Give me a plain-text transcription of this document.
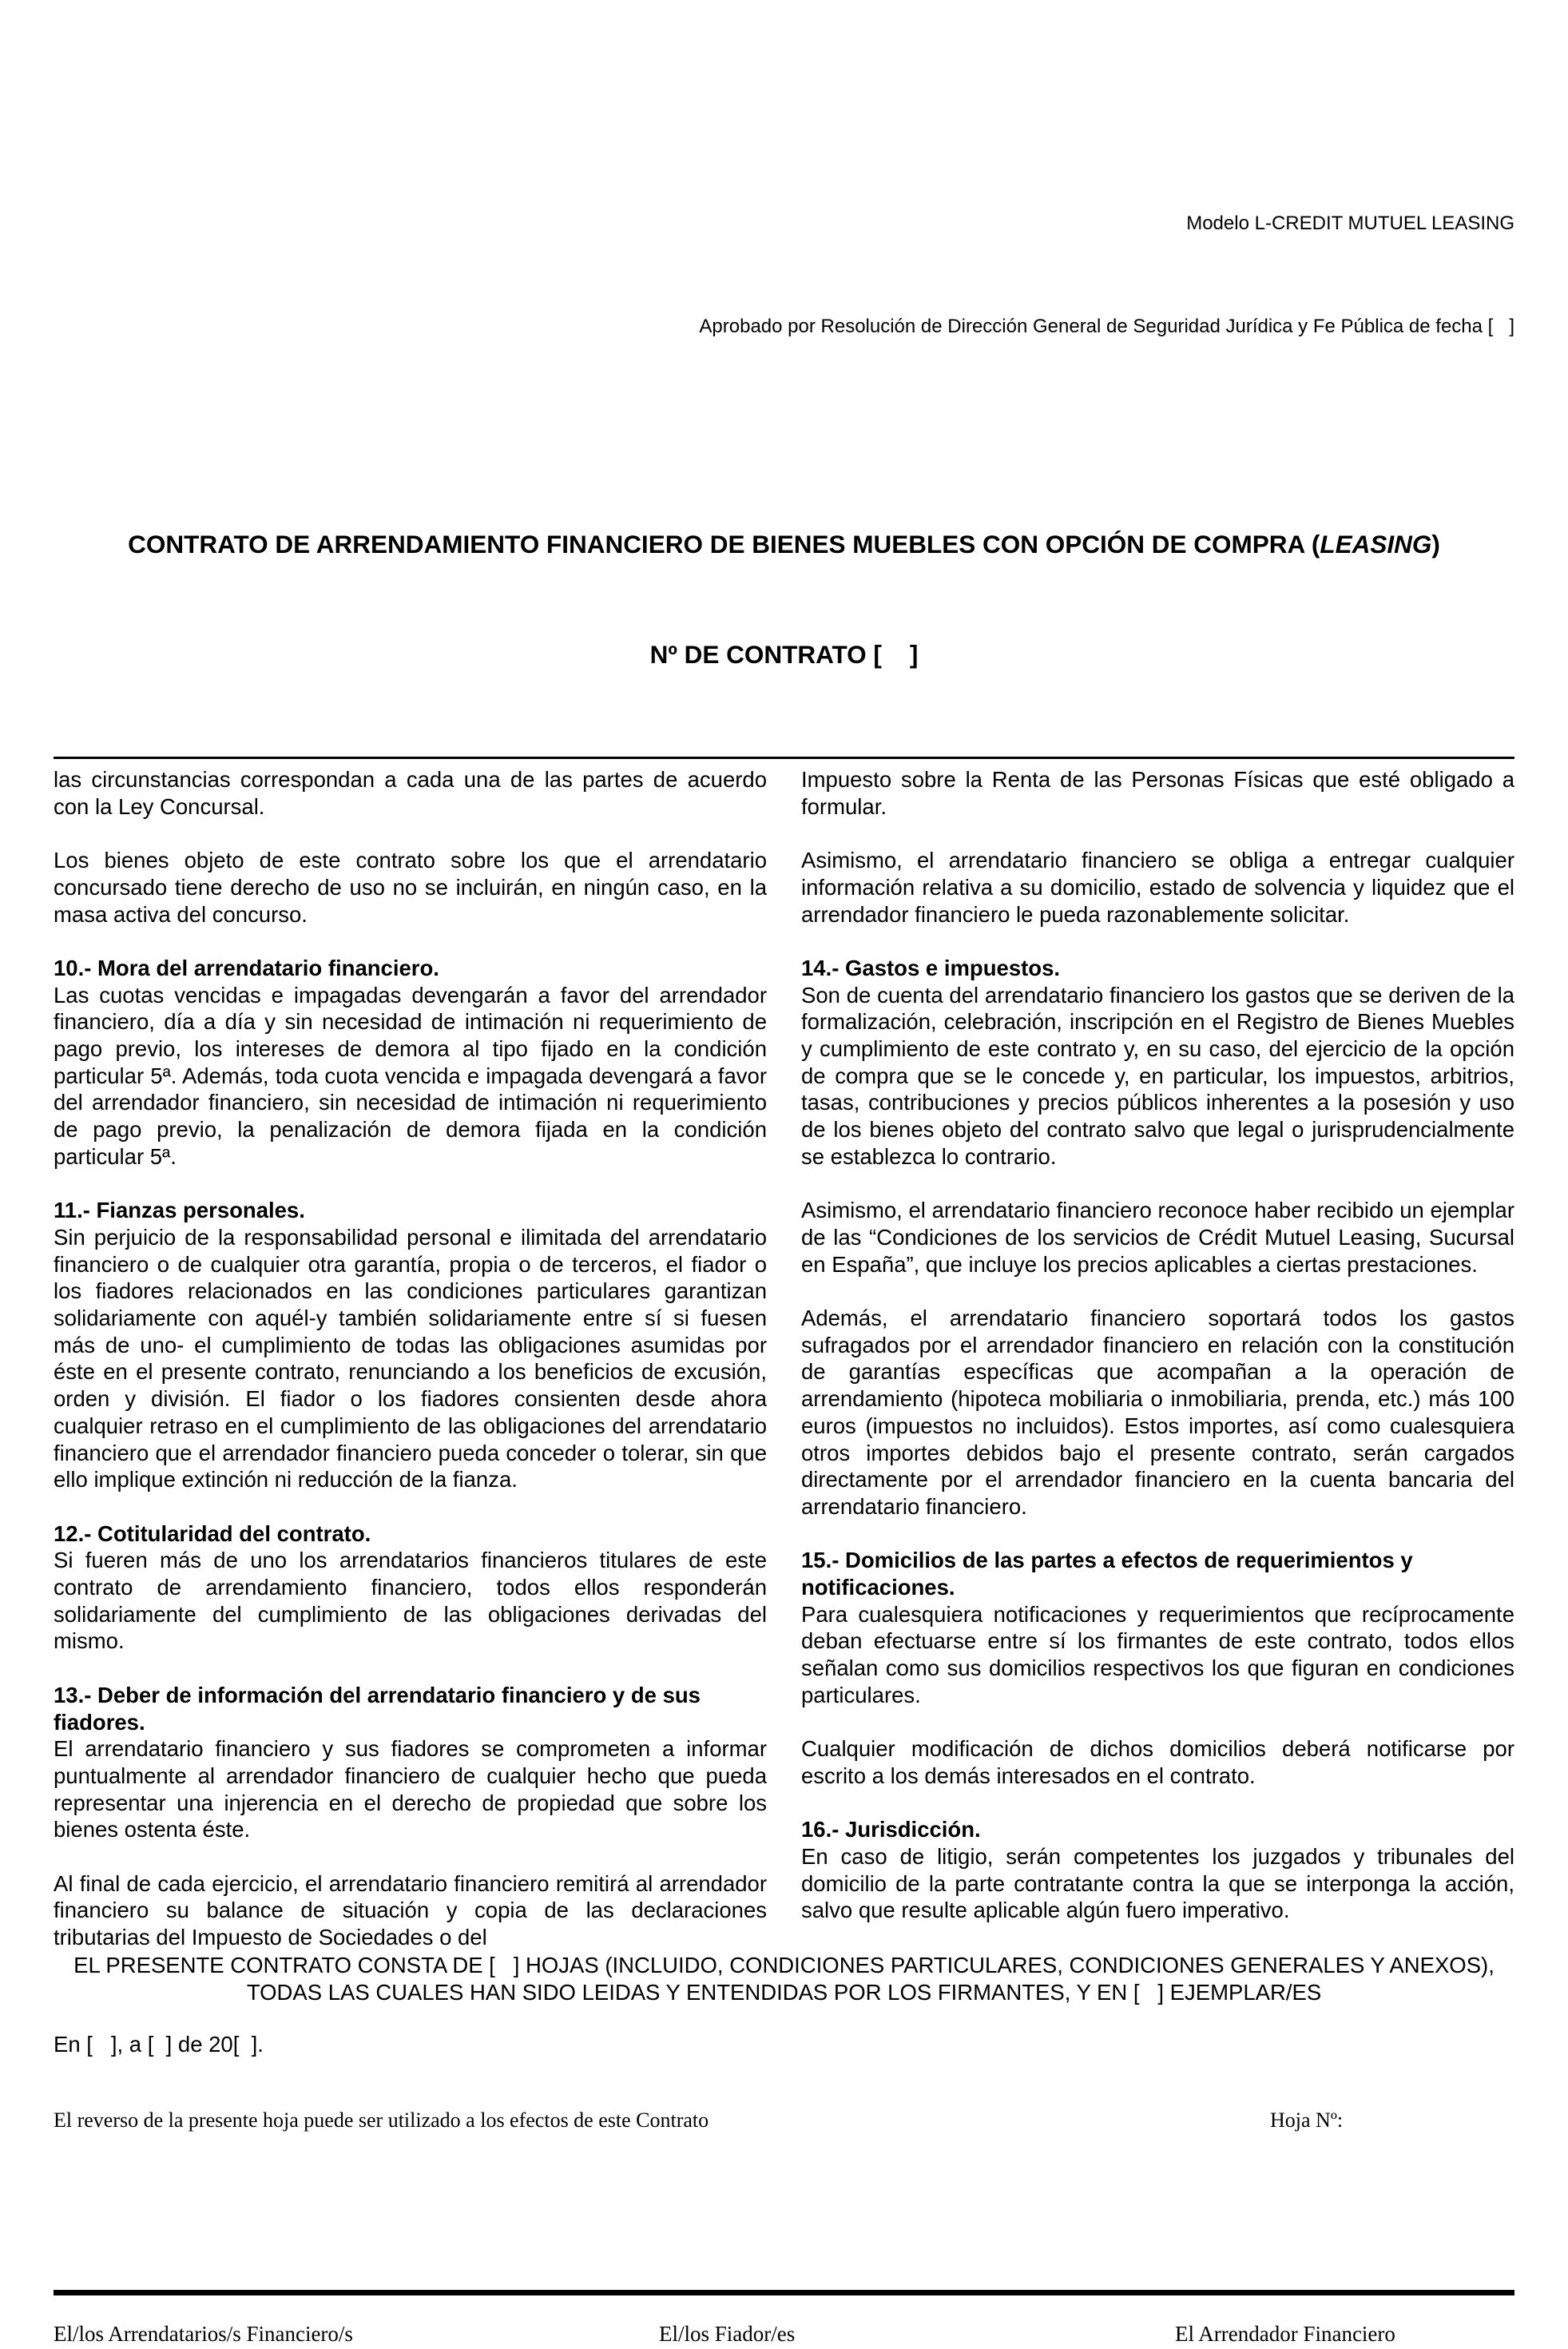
Modelo L-CREDIT MUTUEL LEASING

Aprobado por Resolución de Dirección General de Seguridad Jurídica y Fe Pública de fecha [   ]

CONTRATO DE ARRENDAMIENTO FINANCIERO DE BIENES MUEBLES CON OPCIÓN DE COMPRA (LEASING)

Nº DE CONTRATO [    ]

las circunstancias correspondan a cada una de las partes de acuerdo con la Ley Concursal.

Los bienes objeto de este contrato sobre los que el arrendatario concursado tiene derecho de uso no se incluirán, en ningún caso, en la masa activa del concurso.

10.- Mora del arrendatario financiero.

Las cuotas vencidas e impagadas devengarán a favor del arrendador financiero, día a día y sin necesidad de intimación ni requerimiento de pago previo, los intereses de demora al tipo fijado en la condición particular 5ª. Además, toda cuota vencida e impagada devengará a favor del arrendador financiero, sin necesidad de intimación ni requerimiento de pago previo, la penalización de demora fijada en la condición particular 5ª.

11.- Fianzas personales.

Sin perjuicio de la responsabilidad personal e ilimitada del arrendatario financiero o de cualquier otra garantía, propia o de terceros, el fiador o los fiadores relacionados en las condiciones particulares garantizan solidariamente con aquél-y también solidariamente entre sí si fuesen más de uno- el cumplimiento de todas las obligaciones asumidas por éste en el presente contrato, renunciando a los beneficios de excusión, orden y división. El fiador o los fiadores consienten desde ahora cualquier retraso en el cumplimiento de las obligaciones del arrendatario financiero que el arrendador financiero pueda conceder o tolerar, sin que ello implique extinción ni reducción de la fianza.

12.- Cotitularidad del contrato.

Si fueren más de uno los arrendatarios financieros titulares de este contrato de arrendamiento financiero, todos ellos responderán solidariamente del cumplimiento de las obligaciones derivadas del mismo.

13.- Deber de información del arrendatario financiero y de sus fiadores.

El arrendatario financiero y sus fiadores se comprometen a informar puntualmente al arrendador financiero de cualquier hecho que pueda representar una injerencia en el derecho de propiedad que sobre los bienes ostenta éste.

Al final de cada ejercicio, el arrendatario financiero remitirá al arrendador financiero su balance de situación y copia de las declaraciones tributarias del Impuesto de Sociedades o del

Impuesto sobre la Renta de las Personas Físicas que esté obligado a formular.

Asimismo, el arrendatario financiero se obliga a entregar cualquier información relativa a su domicilio, estado de solvencia y liquidez que el arrendador financiero le pueda razonablemente solicitar.

14.- Gastos e impuestos.

Son de cuenta del arrendatario financiero los gastos que se deriven de la formalización, celebración, inscripción en el Registro de Bienes Muebles y cumplimiento de este contrato y, en su caso, del ejercicio de la opción de compra que se le concede y, en particular, los impuestos, arbitrios, tasas, contribuciones y precios públicos inherentes a la posesión y uso de los bienes objeto del contrato salvo que legal o jurisprudencialmente se establezca lo contrario.

Asimismo, el arrendatario financiero reconoce haber recibido un ejemplar de las “Condiciones de los servicios de Crédit Mutuel Leasing, Sucursal en España”, que incluye los precios aplicables a ciertas prestaciones.

Además, el arrendatario financiero soportará todos los gastos sufragados por el arrendador financiero en relación con la constitución de garantías específicas que acompañan a la operación de arrendamiento (hipoteca mobiliaria o inmobiliaria, prenda, etc.) más 100 euros (impuestos no incluidos). Estos importes, así como cualesquiera otros importes debidos bajo el presente contrato, serán cargados directamente por el arrendador financiero en la cuenta bancaria del arrendatario financiero.

15.- Domicilios de las partes a efectos de requerimientos y notificaciones.

Para cualesquiera notificaciones y requerimientos que recíprocamente deban efectuarse entre sí los firmantes de este contrato, todos ellos señalan como sus domicilios respectivos los que figuran en condiciones particulares.

Cualquier modificación de dichos domicilios deberá notificarse por escrito a los demás interesados en el contrato.

16.- Jurisdicción.

En caso de litigio, serán competentes los juzgados y tribunales del domicilio de la parte contratante contra la que se interponga la acción, salvo que resulte aplicable algún fuero imperativo.

EL PRESENTE CONTRATO CONSTA DE [   ] HOJAS (INCLUIDO, CONDICIONES PARTICULARES, CONDICIONES GENERALES Y ANEXOS), TODAS LAS CUALES HAN SIDO LEIDAS Y ENTENDIDAS POR LOS FIRMANTES, Y EN [   ] EJEMPLAR/ES

En [   ], a [  ] de 20[  ].

El/los Arrendatarios/s Financiero/s	El/los Fiador/es	El Arrendador Financiero
El reverso de la presente hoja puede ser utilizado a los efectos de este Contrato	Hoja Nº:
